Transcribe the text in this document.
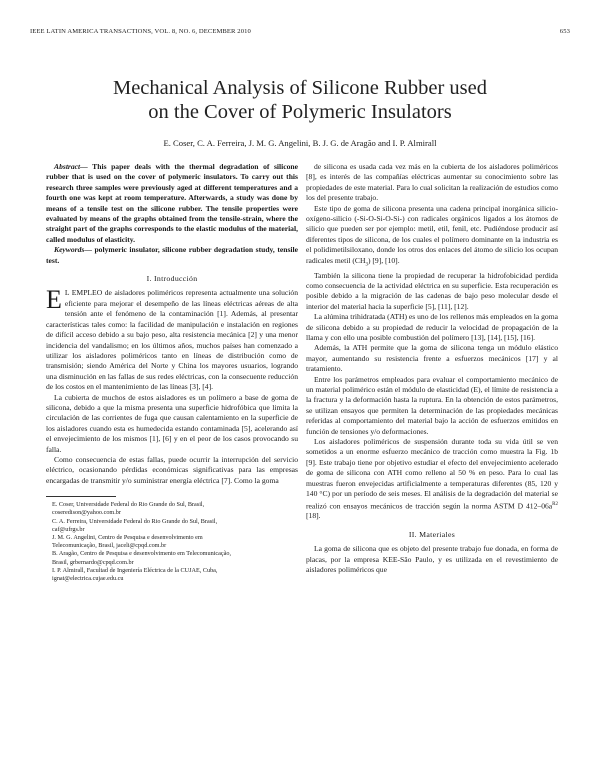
IEEE LATIN AMERICA TRANSACTIONS, VOL. 8, NO. 6, DECEMBER 2010	653
Mechanical Analysis of Silicone Rubber used
on the Cover of Polymeric Insulators
E. Coser, C. A. Ferreira, J. M. G. Angelini, B. J. G. de Aragão and I. P. Almirall

Abstract— This paper deals with the thermal degradation of silicone rubber that is used on the cover of polymeric insulators. To carry out this research three samples were previously aged at different temperatures and a fourth one was kept at room temperature. Afterwards, a study was done by means of a tensile test on the silicone rubber. The tensile properties were evaluated by means of the graphs obtained from the tensile-strain, where the straight part of the graphs corresponds to the elastic modulus of the material, called modulus of elasticity.

Keywords— polymeric insulator, silicone rubber degradation study, tensile test.

I. Introducción

E L EMPLEO de aisladores poliméricos representa actualmente una solución eficiente para mejorar el desempeño de las líneas eléctricas aéreas de alta tensión ante el fenómeno de la contaminación [1]. Además, al presentar características tales como: la facilidad de manipulación e instalación en regiones de difícil acceso debido a su bajo peso, alta resistencia mecánica [2] y una menor incidencia del vandalismo; en los últimos años, muchos países han comenzado a utilizar los aisladores poliméricos tanto en líneas de distribución como de transmisión; siendo América del Norte y China los mayores usuarios, logrando una disminución en las fallas de sus redes eléctricas, con la consecuente reducción de los costos en el mantenimiento de las líneas [3], [4].

La cubierta de muchos de estos aisladores es un polímero a base de goma de silicona, debido a que la misma presenta una superficie hidrofóbica que limita la circulación de las corrientes de fuga que causan calentamiento en la superficie de los aisladores cuando esta es humedecida estando contaminada [5], acelerando así el envejecimiento de los mismos [1], [6] y en el peor de los casos provocando su falla.

Como consecuencia de estas fallas, puede ocurrir la interrupción del servicio eléctrico, ocasionando pérdidas económicas significativas para las empresas encargadas de transmitir y/o suministrar energía eléctrica [7]. Como la goma

E. Coser, Universidade Federal do Rio Grande do Sul, Brasil,
coseredison@yahoo.com.br
C. A. Ferreira, Universidade Federal do Rio Grande do Sul, Brasil,
caf@ufrgs.br
J. M. G. Angelini, Centro de Pesquisa e desenvolvimento em
Telecomunicação, Brasil, jaceli@cpqd.com.br
B. Aragão, Centro de Pesquisa e desenvolvimento em Telecomunicação,
Brasil, grbernardo@cpqd.com.br
I. P. Almirall, Facultad de Ingeniería Eléctrica de la CUJAE, Cuba,
ignat@electrica.cujae.edu.cu

de silicona es usada cada vez más en la cubierta de los aisladores poliméricos [8], es interés de las compañías eléctricas aumentar su conocimiento sobre las propiedades de este material. Para lo cual solicitan la realización de estudios como los del presente trabajo.

Este tipo de goma de silicona presenta una cadena principal inorgánica silicio-oxígeno-silicio (-Si-O-Si-O-Si-) con radicales orgánicos ligados a los átomos de silicio que pueden ser por ejemplo: metil, etil, fenil, etc. Pudiéndose producir así diferentes tipos de silicona, de los cuales el polímero dominante en la industria es el polidimetilsiloxano, donde los otros dos enlaces del átomo de silicio los ocupan radicales metil $(CH_3)$ [9], [10].

También la silicona tiene la propiedad de recuperar la hidrofobicidad perdida como consecuencia de la actividad eléctrica en su superficie. Esta recuperación es posible debido a la migración de las cadenas de bajo peso molecular desde el interior del material hacia la superficie [5], [11], [12].

La alúmina trihidratada (ATH) es uno de los rellenos más empleados en la goma de silicona debido a su propiedad de reducir la velocidad de propagación de la llama y con ello una posible combustión del polímero [13], [14], [15], [16].

Además, la ATH permite que la goma de silicona tenga un módulo elástico mayor, aumentando su resistencia frente a esfuerzos mecánicos [17] y al tratamiento.

Entre los parámetros empleados para evaluar el comportamiento mecánico de un material polimérico están el módulo de elasticidad (E), el límite de resistencia a la fractura y la deformación hasta la ruptura. En la obtención de estos parámetros, se utilizan ensayos que permiten la determinación de las propiedades mecánicas referidas al comportamiento del material bajo la acción de esfuerzos emitidos en función de tensiones y/o deformaciones.

Los aisladores poliméricos de suspensión durante toda su vida útil se ven sometidos a un enorme esfuerzo mecánico de tracción como muestra la Fig. 1b [9]. Este trabajo tiene por objetivo estudiar el efecto del envejecimiento acelerado de goma de silicona con ATH como relleno al 50 % en peso. Para lo cual las muestras fueron envejecidas artificialmente a temperaturas diferentes (85, 120 y 140 °C) por un período de seis meses. El análisis de la degradación del material se realizó con ensayos mecánicos de tracción según la norma ASTM D $412-06a^{R2}$ [18].

II. Materiales

La goma de silicona que es objeto del presente trabajo fue donada, en forma de placas, por la empresa KEE-São Paulo, y es utilizada en el revestimiento de aisladores poliméricos que
